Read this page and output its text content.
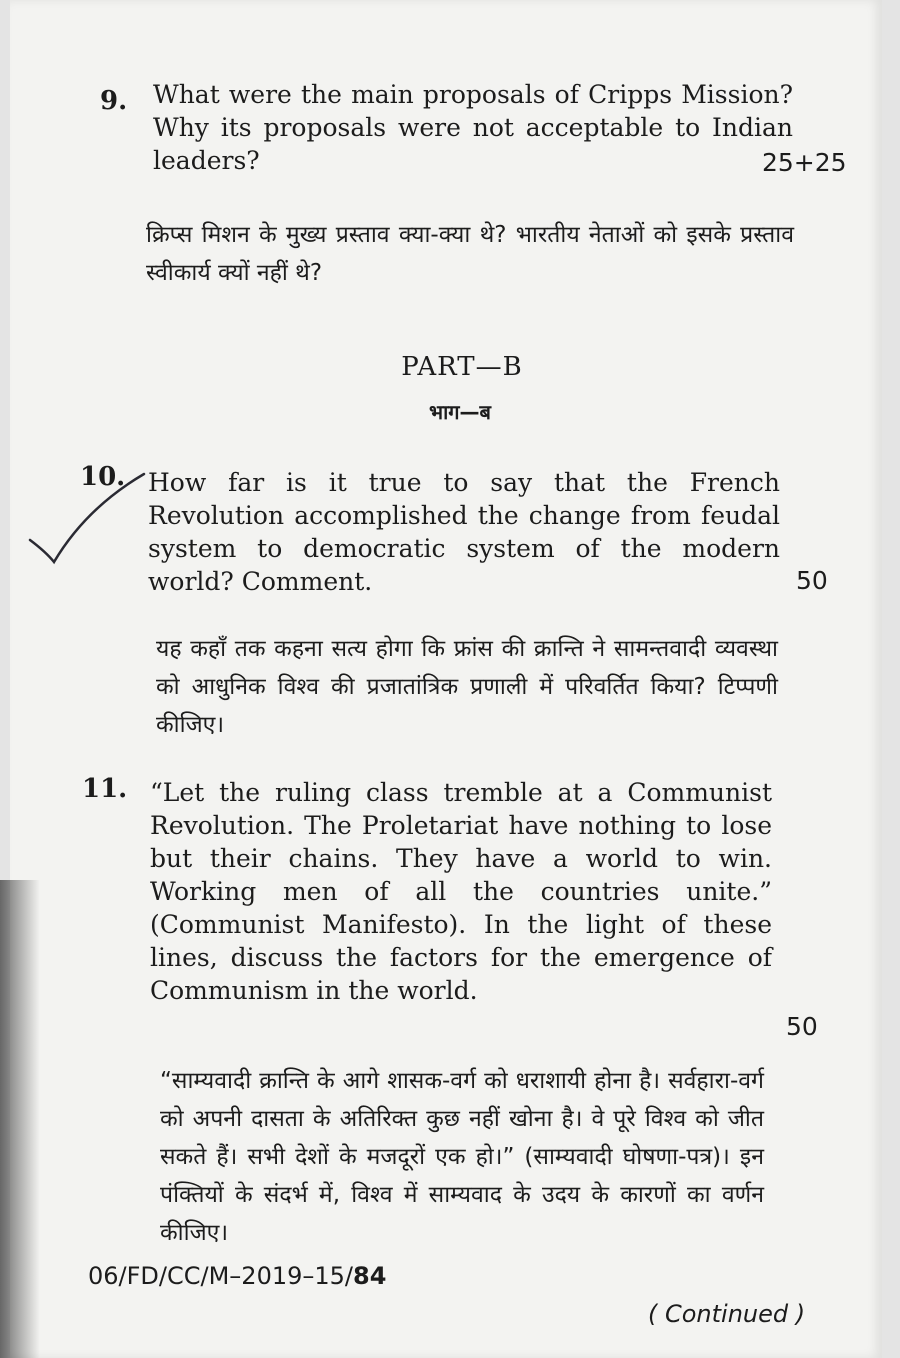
9. What were the main proposals of Cripps Mission? Why its proposals were not acceptable to Indian leaders?	25+25
क्रिप्स मिशन के मुख्य प्रस्ताव क्या-क्या थे? भारतीय नेताओं को इसके प्रस्ताव स्वीकार्य क्यों नहीं थे?
PART—B
भाग—ब
10. How far is it true to say that the French Revolution accomplished the change from feudal system to democratic system of the modern world? Comment.	50
यह कहाँ तक कहना सत्य होगा कि फ्रांस की क्रान्ति ने सामन्तवादी व्यवस्था को आधुनिक विश्व की प्रजातांत्रिक प्रणाली में परिवर्तित किया? टिप्पणी कीजिए।
11. “Let the ruling class tremble at a Communist Revolution. The Proletariat have nothing to lose but their chains. They have a world to win. Working men of all the countries unite.” (Communist Manifesto). In the light of these lines, discuss the factors for the emergence of Communism in the world.
50
“साम्यवादी क्रान्ति के आगे शासक-वर्ग को धराशायी होना है। सर्वहारा-वर्ग को अपनी दासता के अतिरिक्त कुछ नहीं खोना है। वे पूरे विश्व को जीत सकते हैं। सभी देशों के मजदूरों एक हो।” (साम्यवादी घोषणा-पत्र)। इन पंक्तियों के संदर्भ में, विश्व में साम्यवाद के उदय के कारणों का वर्णन कीजिए।
06/FD/CC/M–2019–15/84
( Continued )
